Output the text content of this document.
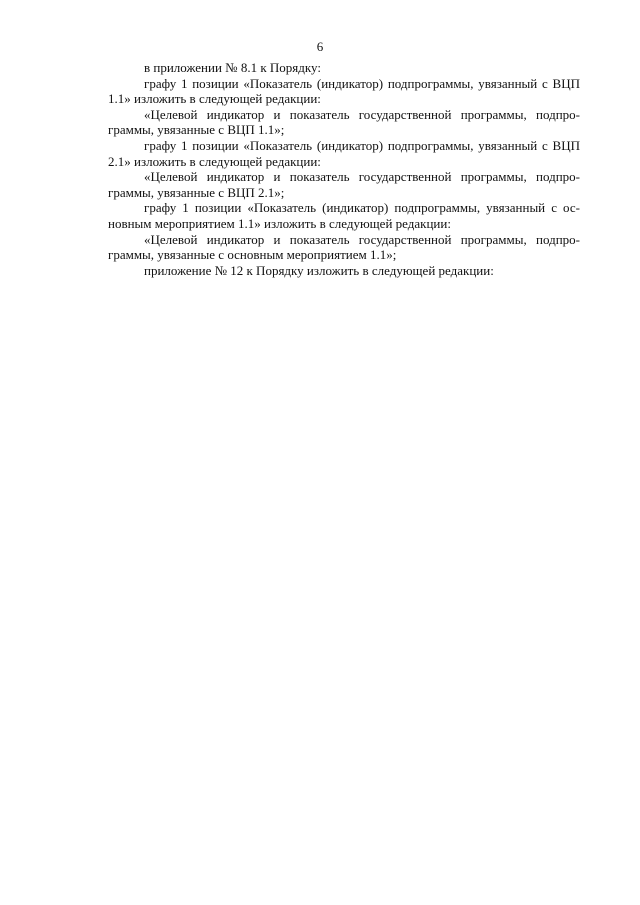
6

в приложении № 8.1 к Порядку:

графу 1 позиции «Показатель (индикатор) подпрограммы, увязанный с ВЦП 1.1» изложить в следующей редакции:

«Целевой индикатор и показатель государственной программы, подпрограммы, увязанные с ВЦП 1.1»;

графу 1 позиции «Показатель (индикатор) подпрограммы, увязанный с ВЦП 2.1» изложить в следующей редакции:

«Целевой индикатор и показатель государственной программы, подпрограммы, увязанные с ВЦП 2.1»;

графу 1 позиции «Показатель (индикатор) подпрограммы, увязанный с основным мероприятием 1.1» изложить в следующей редакции:

«Целевой индикатор и показатель государственной программы, подпрограммы, увязанные с основным мероприятием 1.1»;

приложение № 12 к Порядку изложить в следующей редакции:
